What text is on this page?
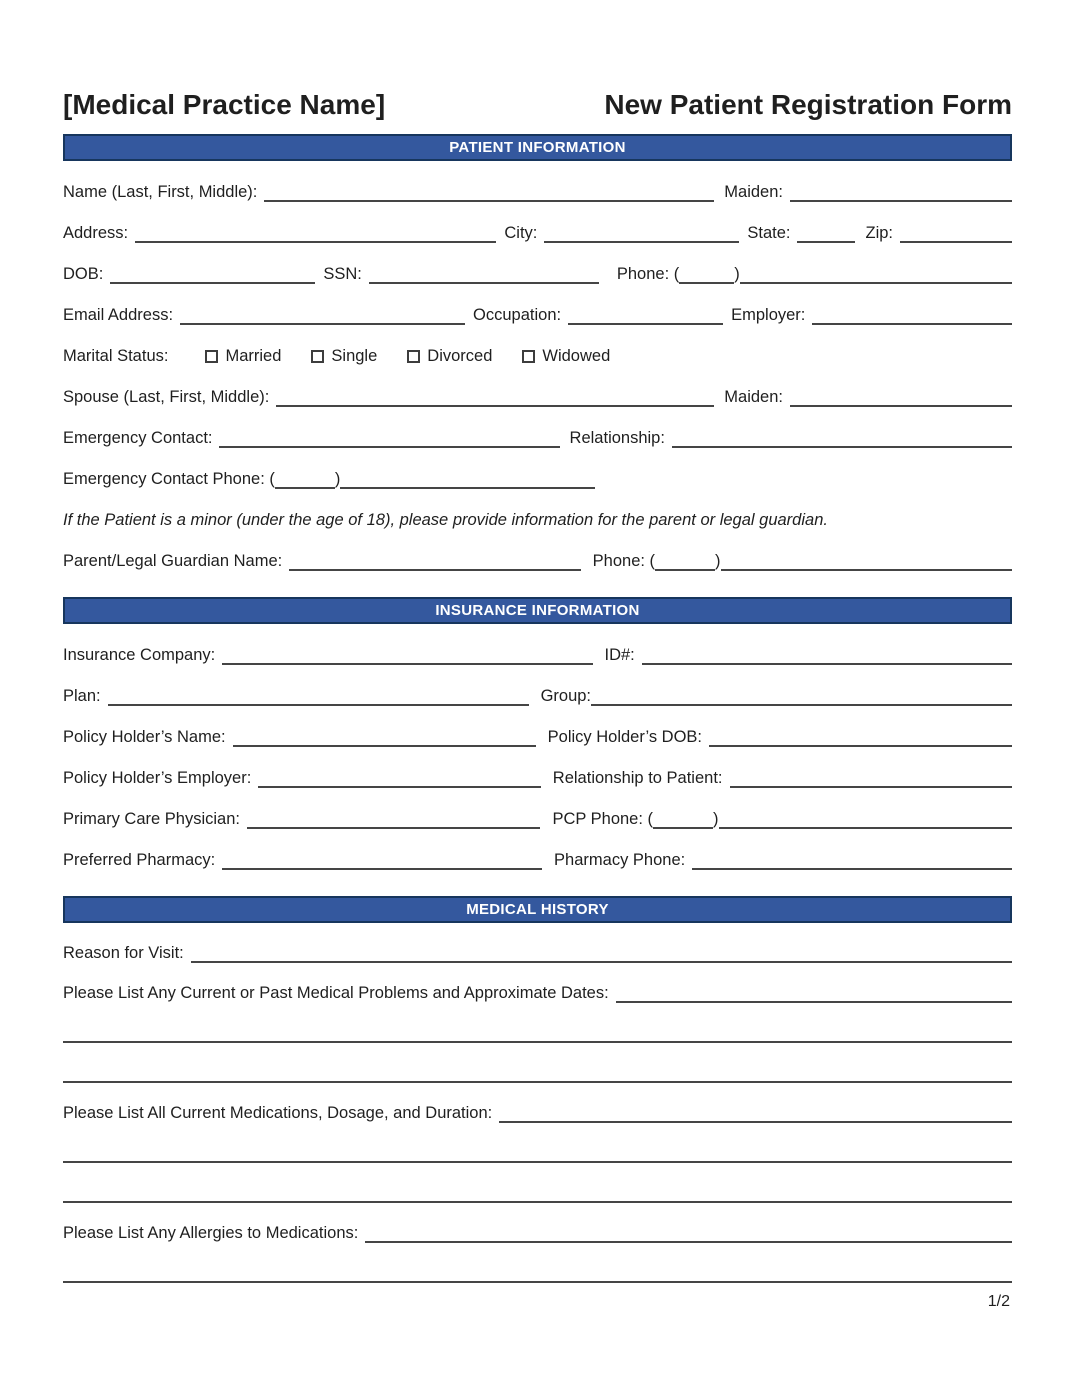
[Medical Practice Name]	New Patient Registration Form
PATIENT INFORMATION
Name (Last, First, Middle):	Maiden:
Address:	City:	State:	Zip:
DOB:	SSN:	Phone: (	)
Email Address:	Occupation:	Employer:
Marital Status:	Married	Single	Divorced	Widowed
Spouse (Last, First, Middle):	Maiden:
Emergency Contact:	Relationship:
Emergency Contact Phone: (	)
If the Patient is a minor (under the age of 18), please provide information for the parent or legal guardian.
Parent/Legal Guardian Name:	Phone: (	)
INSURANCE INFORMATION
Insurance Company:	ID#:
Plan:	Group:
Policy Holder’s Name:	Policy Holder’s DOB:
Policy Holder’s Employer:	Relationship to Patient:
Primary Care Physician:	PCP Phone: (	)
Preferred Pharmacy:	Pharmacy Phone:
MEDICAL HISTORY
Reason for Visit:
Please List Any Current or Past Medical Problems and Approximate Dates:
Please List All Current Medications, Dosage, and Duration:
Please List Any Allergies to Medications:
1/2
